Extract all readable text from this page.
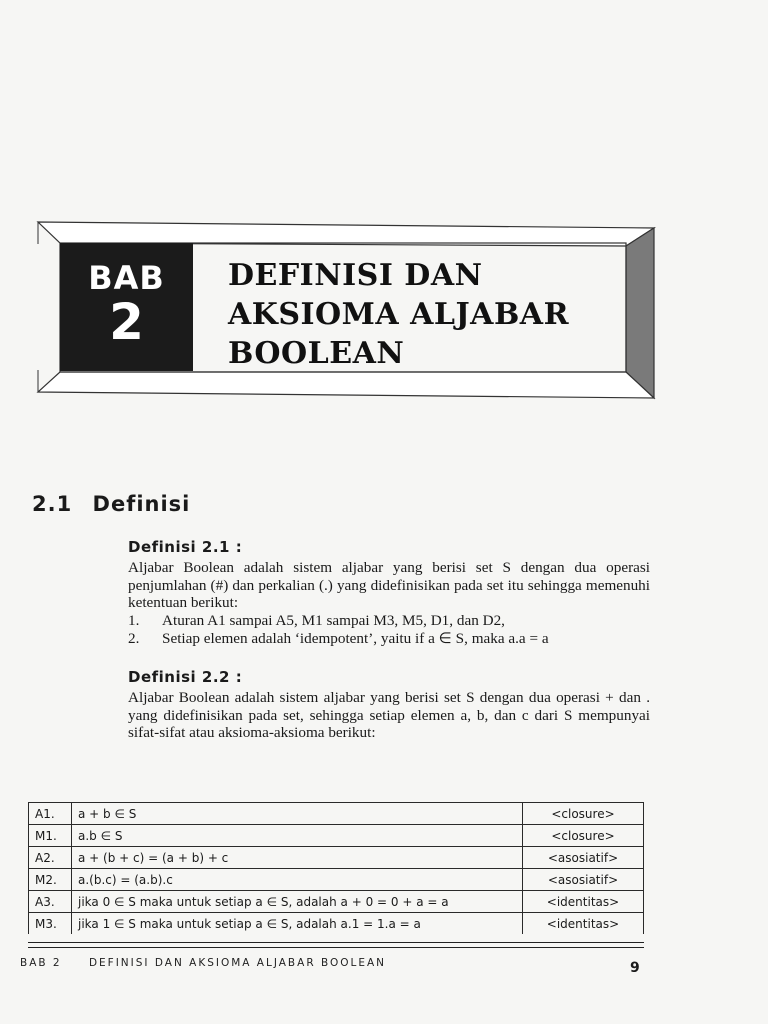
BAB
2
DEFINISI DAN
AKSIOMA ALJABAR
BOOLEAN
2.1 Definisi
Definisi 2.1 :
Aljabar Boolean adalah sistem aljabar yang berisi set S dengan dua operasi penjumlahan (#) dan perkalian (.) yang didefinisikan pada set itu sehingga memenuhi ketentuan berikut:
1.	Aturan A1 sampai A5, M1 sampai M3, M5, D1, dan D2,
2.	Setiap elemen adalah ‘idempotent’, yaitu if a ∈ S, maka a.a = a
Definisi 2.2 :
Aljabar Boolean adalah sistem aljabar yang berisi set S dengan dua operasi + dan . yang didefinisikan pada set, sehingga setiap elemen a, b, dan c dari S mempunyai sifat-sifat atau aksioma-aksioma berikut:
A1.	a + b ∈ S	<closure>
M1.	a.b ∈ S	<closure>
A2.	a + (b + c) = (a + b) + c	<asosiatif>
M2.	a.(b.c) = (a.b).c	<asosiatif>
A3.	jika 0 ∈ S maka untuk setiap a ∈ S, adalah a + 0 = 0 + a = a	<identitas>
M3.	jika 1 ∈ S maka untuk setiap a ∈ S, adalah a.1 = 1.a = a	<identitas>
BAB 2	DEFINISI DAN AKSIOMA ALJABAR BOOLEAN	9
